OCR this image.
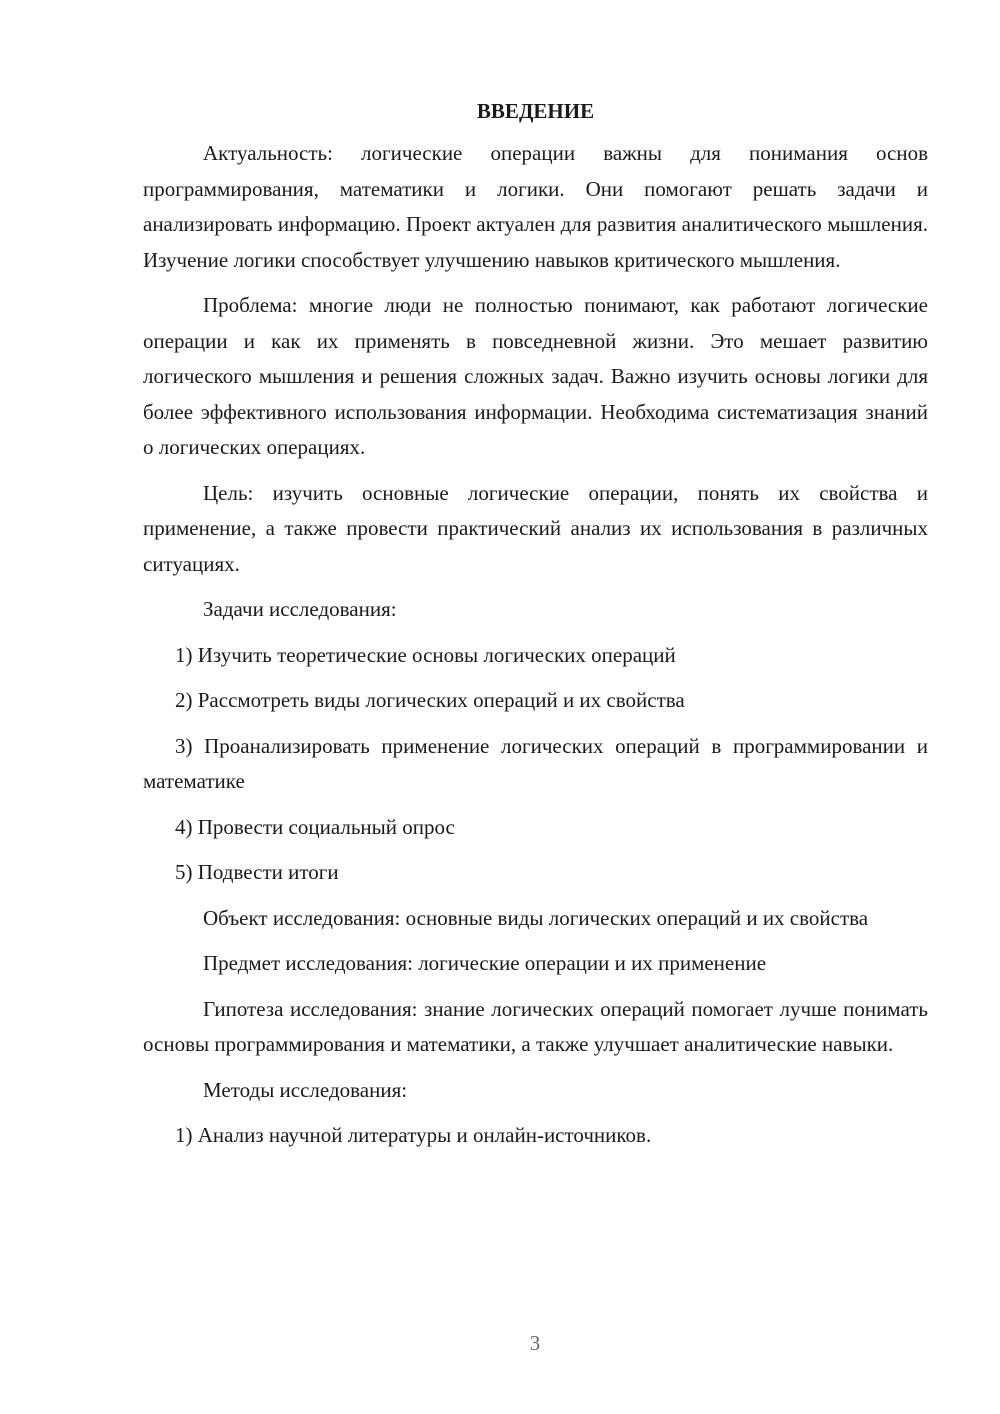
ВВЕДЕНИЕ

Актуальность: логические операции важны для понимания основ программирования, математики и логики. Они помогают решать задачи и анализировать информацию. Проект актуален для развития аналитического мышления. Изучение логики способствует улучшению навыков критического мышления.

Проблема: многие люди не полностью понимают, как работают логические операции и как их применять в повседневной жизни. Это мешает развитию логического мышления и решения сложных задач. Важно изучить основы логики для более эффективного использования информации. Необходима систематизация знаний о логических операциях.

Цель: изучить основные логические операции, понять их свойства и применение, а также провести практический анализ их использования в различных ситуациях.

Задачи исследования:

1) Изучить теоретические основы логических операций

2) Рассмотреть виды логических операций и их свойства

3) Проанализировать применение логических операций в программировании и математике

4) Провести социальный опрос

5) Подвести итоги

Объект исследования: основные виды логических операций и их свойства

Предмет исследования: логические операции и их применение

Гипотеза исследования: знание логических операций помогает лучше понимать основы программирования и математики, а также улучшает аналитические навыки.

Методы исследования:

1) Анализ научной литературы и онлайн-источников.

3
